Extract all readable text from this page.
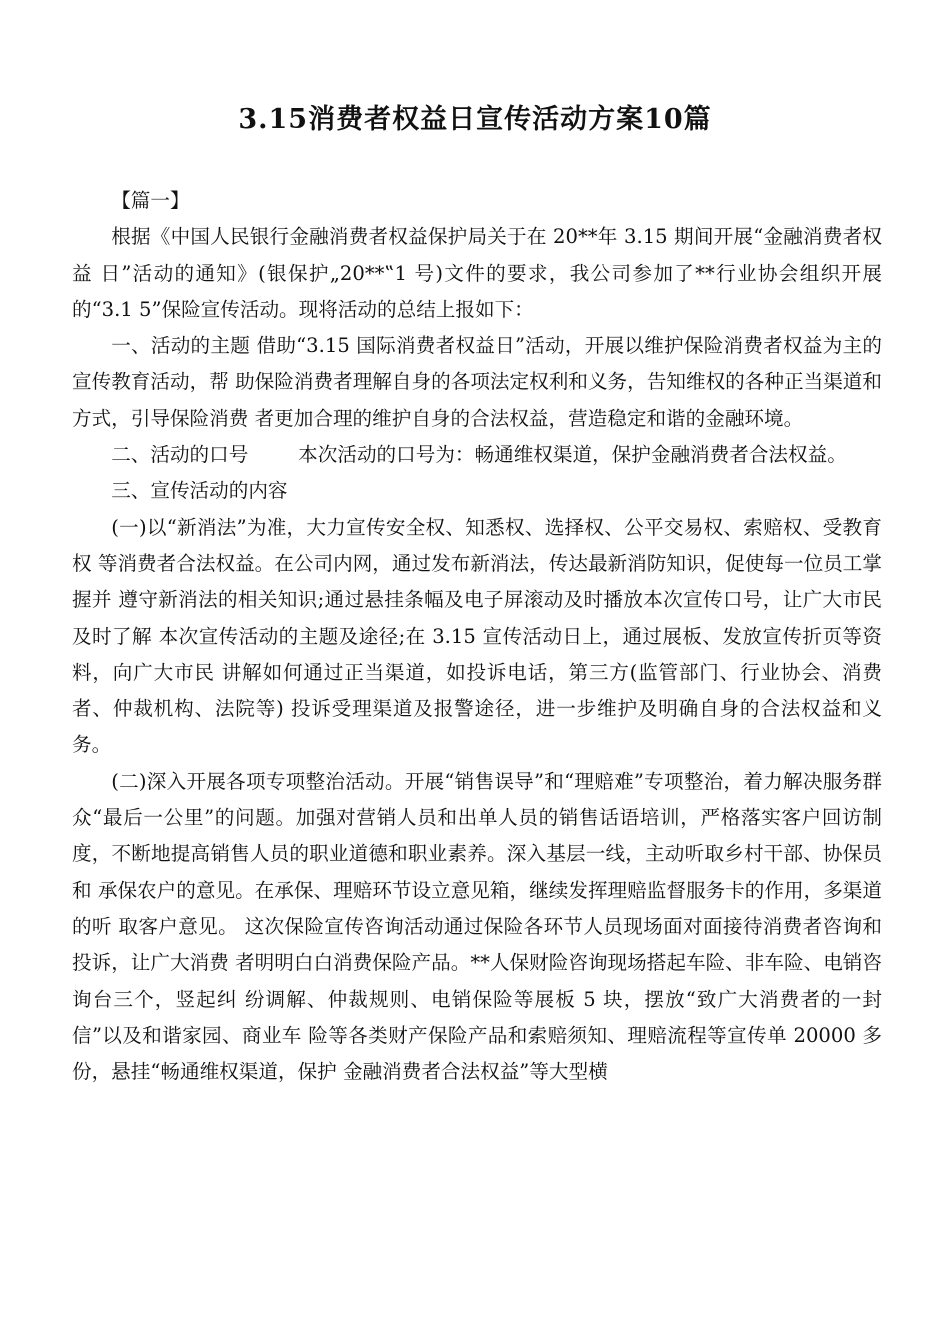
3.15消费者权益日宣传活动方案10篇

【篇一】

根据《中国人民银行金融消费者权益保护局关于在 20**年 3.15 期间开展“金融消费者权益 日”活动的通知》(银保护„20**‟1 号)文件的要求，我公司参加了**行业协会组织开展的“3.1 5”保险宣传活动。现将活动的总结上报如下：

一、活动的主题 借助“3.15 国际消费者权益日”活动，开展以维护保险消费者权益为主的宣传教育活动，帮 助保险消费者理解自身的各项法定权利和义务，告知维权的各种正当渠道和方式，引导保险消费 者更加合理的维护自身的合法权益，营造稳定和谐的金融环境。

二、活动的口号        本次活动的口号为：畅通维权渠道，保护金融消费者合法权益。

三、宣传活动的内容

(一)以“新消法”为准，大力宣传安全权、知悉权、选择权、公平交易权、索赔权、受教育权 等消费者合法权益。在公司内网，通过发布新消法，传达最新消防知识，促使每一位员工掌握并 遵守新消法的相关知识;通过悬挂条幅及电子屏滚动及时播放本次宣传口号，让广大市民及时了解 本次宣传活动的主题及途径;在 3.15 宣传活动日上，通过展板、发放宣传折页等资料，向广大市民 讲解如何通过正当渠道，如投诉电话，第三方(监管部门、行业协会、消费者、仲裁机构、法院等) 投诉受理渠道及报警途径，进一步维护及明确自身的合法权益和义务。

(二)深入开展各项专项整治活动。开展“销售误导”和“理赔难”专项整治，着力解决服务群 众“最后一公里”的问题。加强对营销人员和出单人员的销售话语培训，严格落实客户回访制 度，不断地提高销售人员的职业道德和职业素养。深入基层一线，主动听取乡村干部、协保员和 承保农户的意见。在承保、理赔环节设立意见箱，继续发挥理赔监督服务卡的作用，多渠道的听 取客户意见。 这次保险宣传咨询活动通过保险各环节人员现场面对面接待消费者咨询和投诉，让广大消费 者明明白白消费保险产品。**人保财险咨询现场搭起车险、非车险、电销咨询台三个，竖起纠 纷调解、仲裁规则、电销保险等展板 5 块，摆放“致广大消费者的一封信”以及和谐家园、商业车 险等各类财产保险产品和索赔须知、理赔流程等宣传单 20000 多份，悬挂“畅通维权渠道，保护 金融消费者合法权益”等大型横
